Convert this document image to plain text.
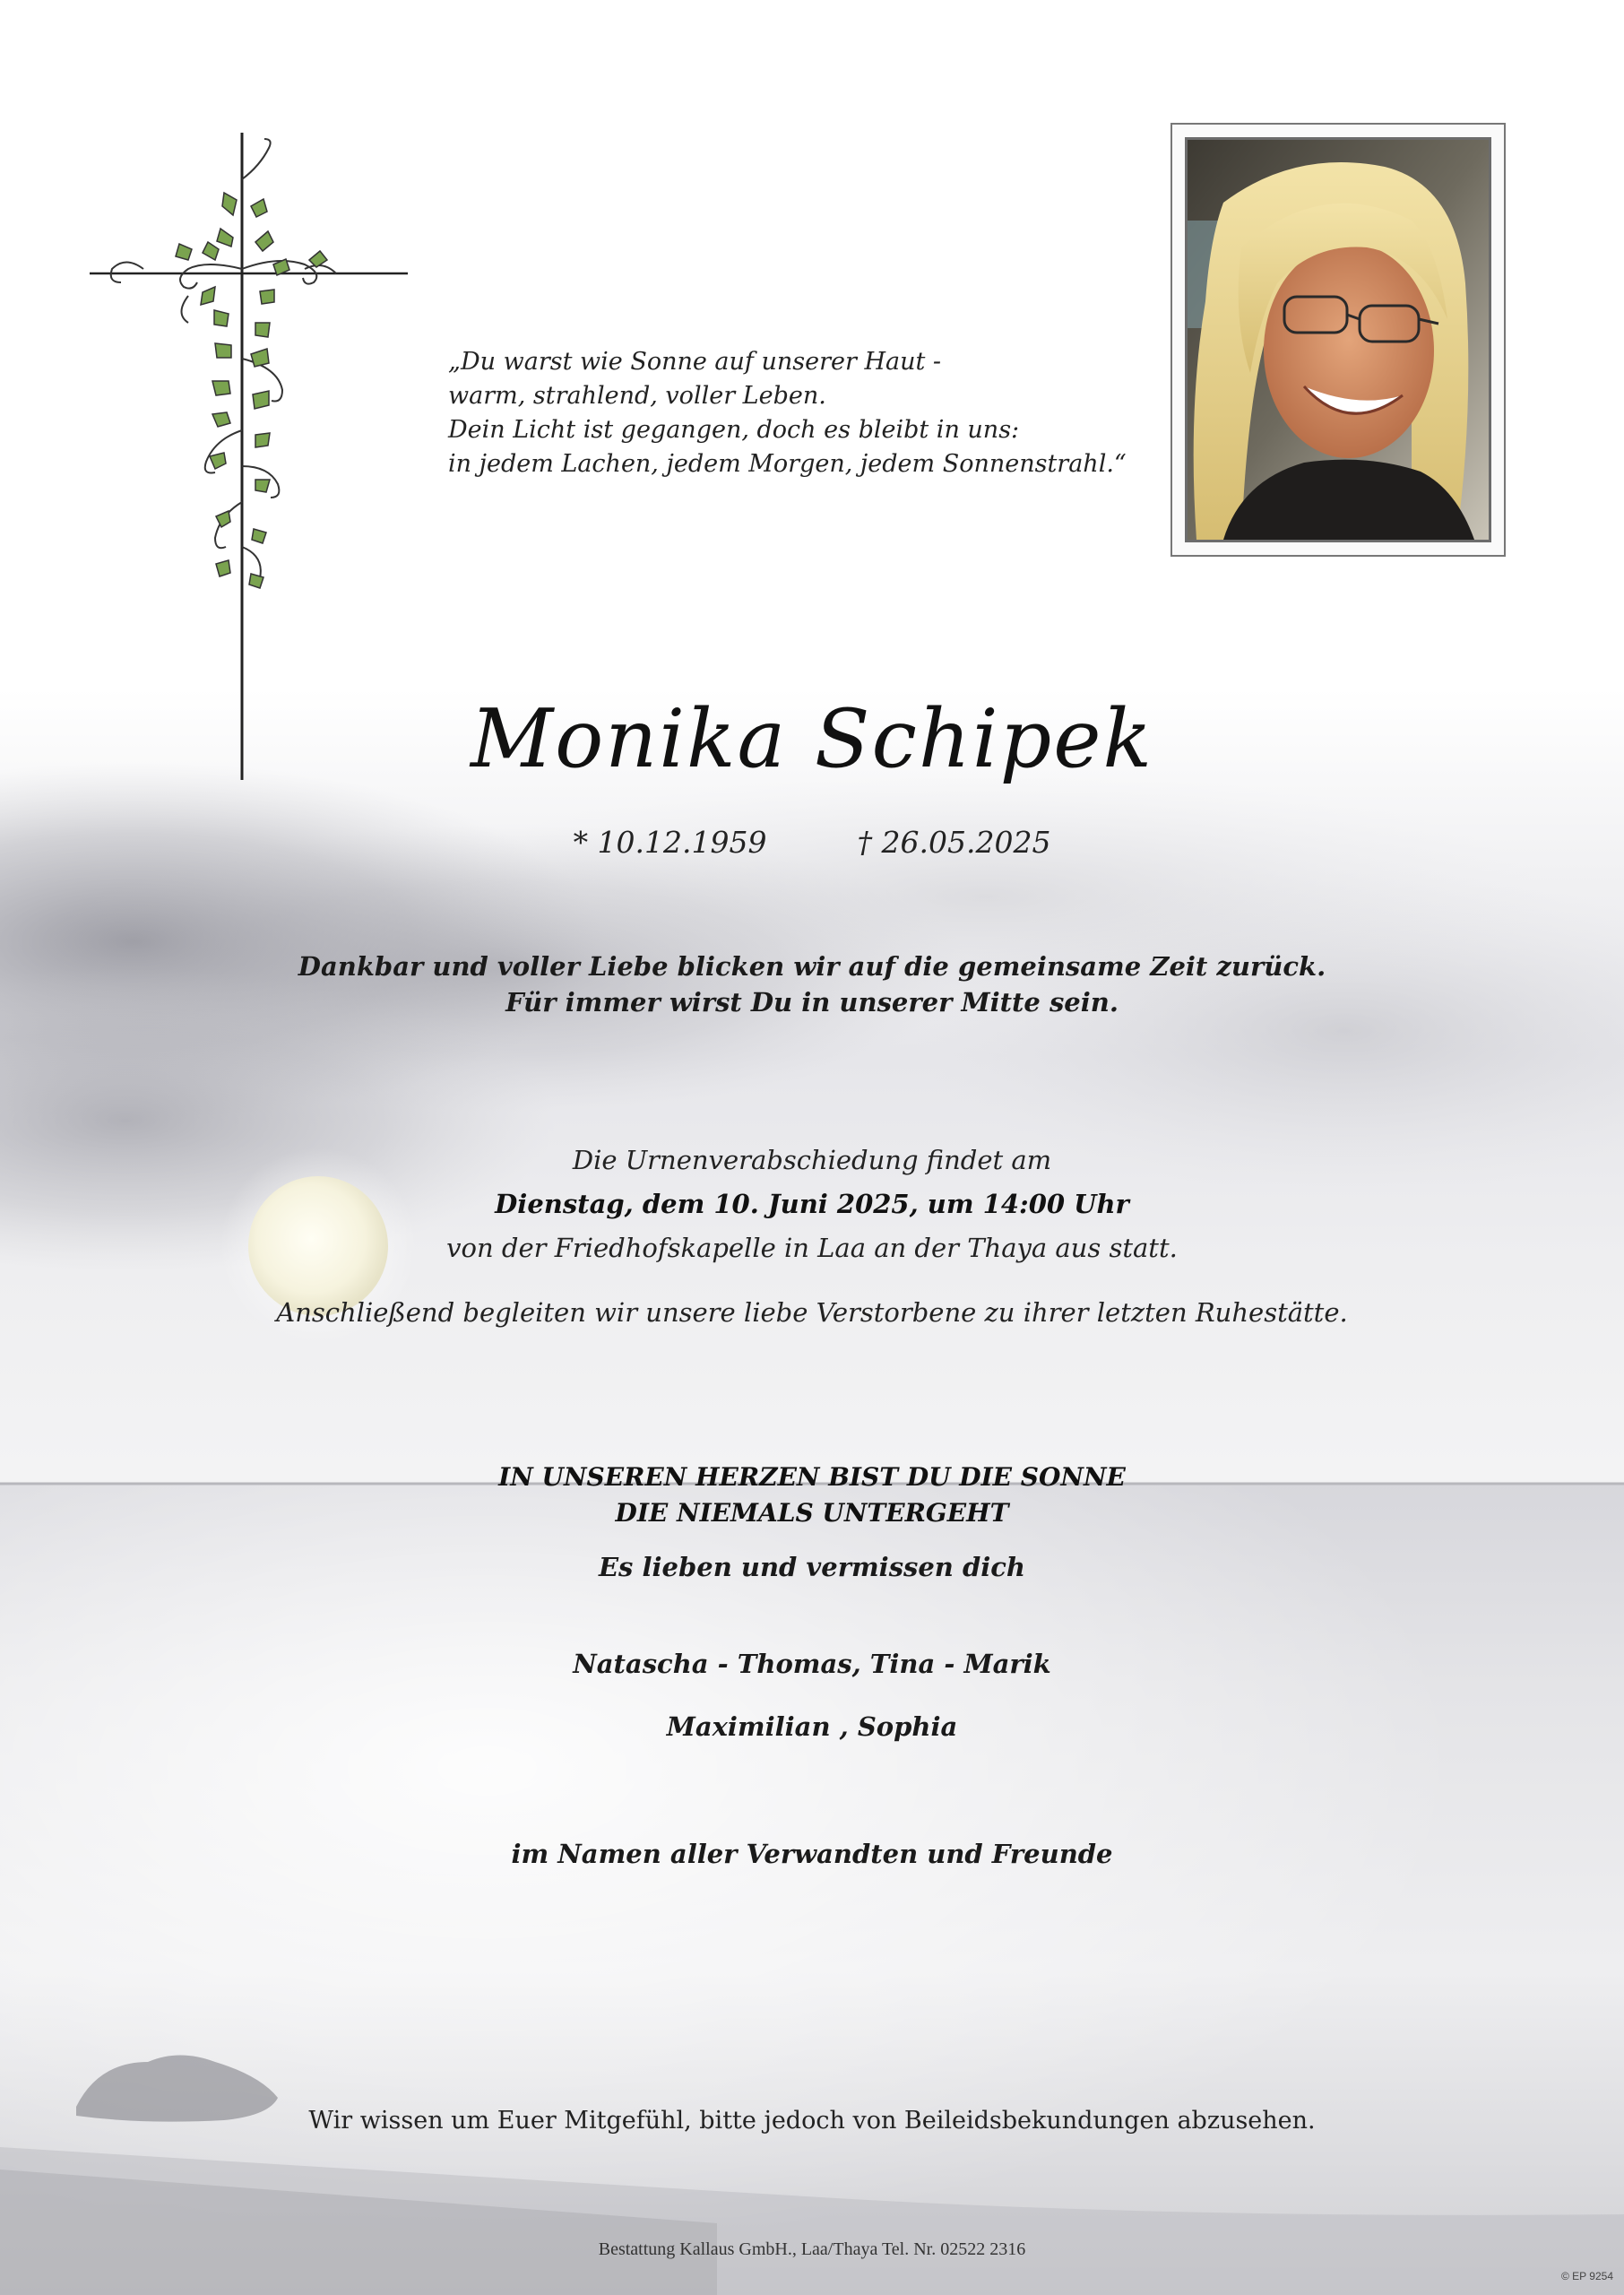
„Du warst wie Sonne auf unserer Haut -
warm, strahlend, voller Leben.
Dein Licht ist gegangen, doch es bleibt in uns:
in jedem Lachen, jedem Morgen, jedem Sonnenstrahl.“
Monika Schipek
* 10.12.1959	† 26.05.2025
Dankbar und voller Liebe blicken wir auf die gemeinsame Zeit zurück.
Für immer wirst Du in unserer Mitte sein.
Die Urnenverabschiedung findet am
Dienstag, dem 10. Juni 2025, um 14:00 Uhr
von der Friedhofskapelle in Laa an der Thaya aus statt.
Anschließend begleiten wir unsere liebe Verstorbene zu ihrer letzten Ruhestätte.
IN UNSEREN HERZEN BIST DU DIE SONNE
DIE NIEMALS UNTERGEHT
Es lieben und vermissen dich
Natascha - Thomas, Tina - Marik
Maximilian , Sophia
im Namen aller Verwandten und Freunde
Wir wissen um Euer Mitgefühl, bitte jedoch von Beileidsbekundungen abzusehen.
Bestattung Kallaus GmbH., Laa/Thaya Tel. Nr. 02522 2316
© EP 9254
